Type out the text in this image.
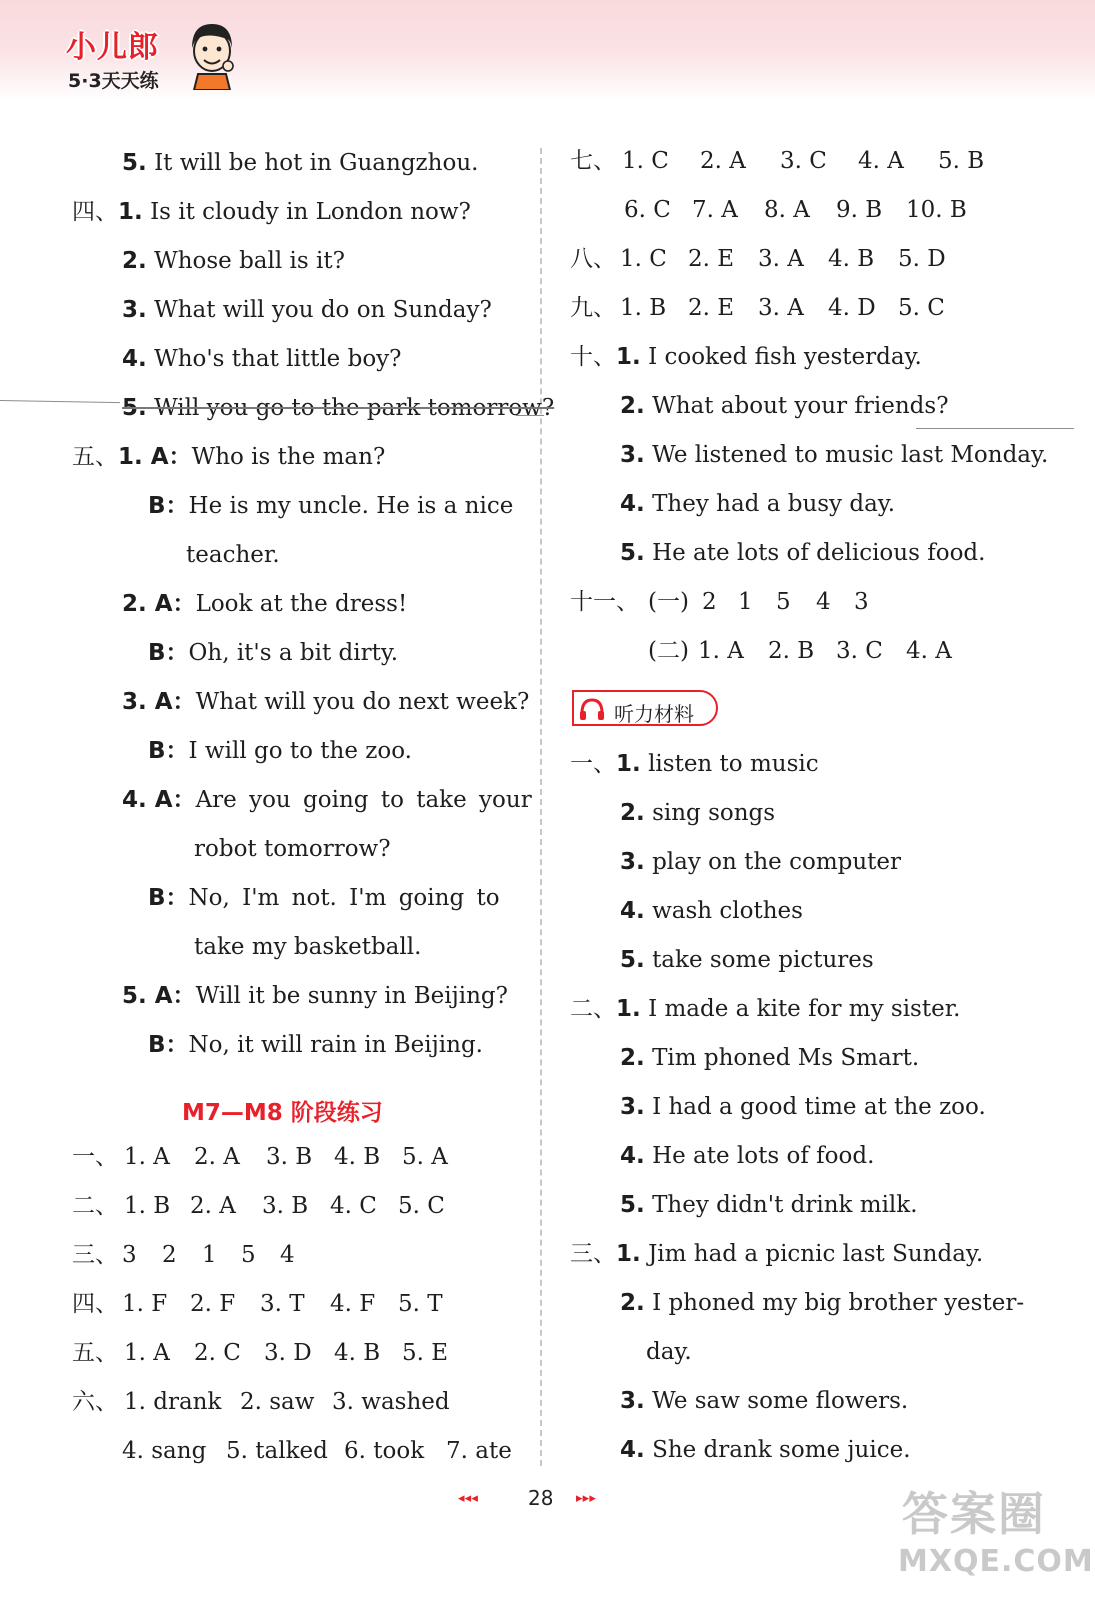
小儿郎
5·3天天练
5. It will be hot in Guangzhou.
四、1. Is it cloudy in London now?
2. Whose ball is it?
3. What will you do on Sunday?
4. Who's that little boy?
5. Will you go to the park tomorrow?
五、1. A：Who is the man?
B：He is my uncle. He is a nice
teacher.
2. A：Look at the dress!
B：Oh, it's a bit dirty.
3. A：What will you do next week?
B：I will go to the zoo.
4. A：Are you going to take your
robot tomorrow?
B：No, I'm not. I'm going to
take my basketball.
5. A：Will it be sunny in Beijing?
B：No, it will rain in Beijing.
M7—M8 阶段练习
一、 1. A 2. A 3. B 4. B 5. A
二、 1. B 2. A 3. B 4. C 5. C
三、 3 2 1 5 4
四、 1. F 2. F 3. T 4. F 5. T
五、 1. A 2. C 3. D 4. B 5. E
六、 1. drank 2. saw 3. washed
4. sang 5. talked 6. took 7. ate
七、 1. C 2. A 3. C 4. A 5. B
6. C 7. A 8. A 9. B 10. B
八、 1. C 2. E 3. A 4. B 5. D
九、 1. B 2. E 3. A 4. D 5. C
十、1. I cooked fish yesterday.
2. What about your friends?
3. We listened to music last Monday.
4. They had a busy day.
5. He ate lots of delicious food.
十一、 (一) 2 1 5 4 3
(二) 1. A 2. B 3. C 4. A
听力材料
一、1. listen to music
2. sing songs
3. play on the computer
4. wash clothes
5. take some pictures
二、1. I made a kite for my sister.
2. Tim phoned Ms Smart.
3. I had a good time at the zoo.
4. He ate lots of food.
5. They didn't drink milk.
三、1. Jim had a picnic last Sunday.
2. I phoned my big brother yester-
day.
3. We saw some flowers.
4. She drank some juice.
◂ ◂ ◂	28 ▸ ▸ ▸	答案圈
MXQE.COM
